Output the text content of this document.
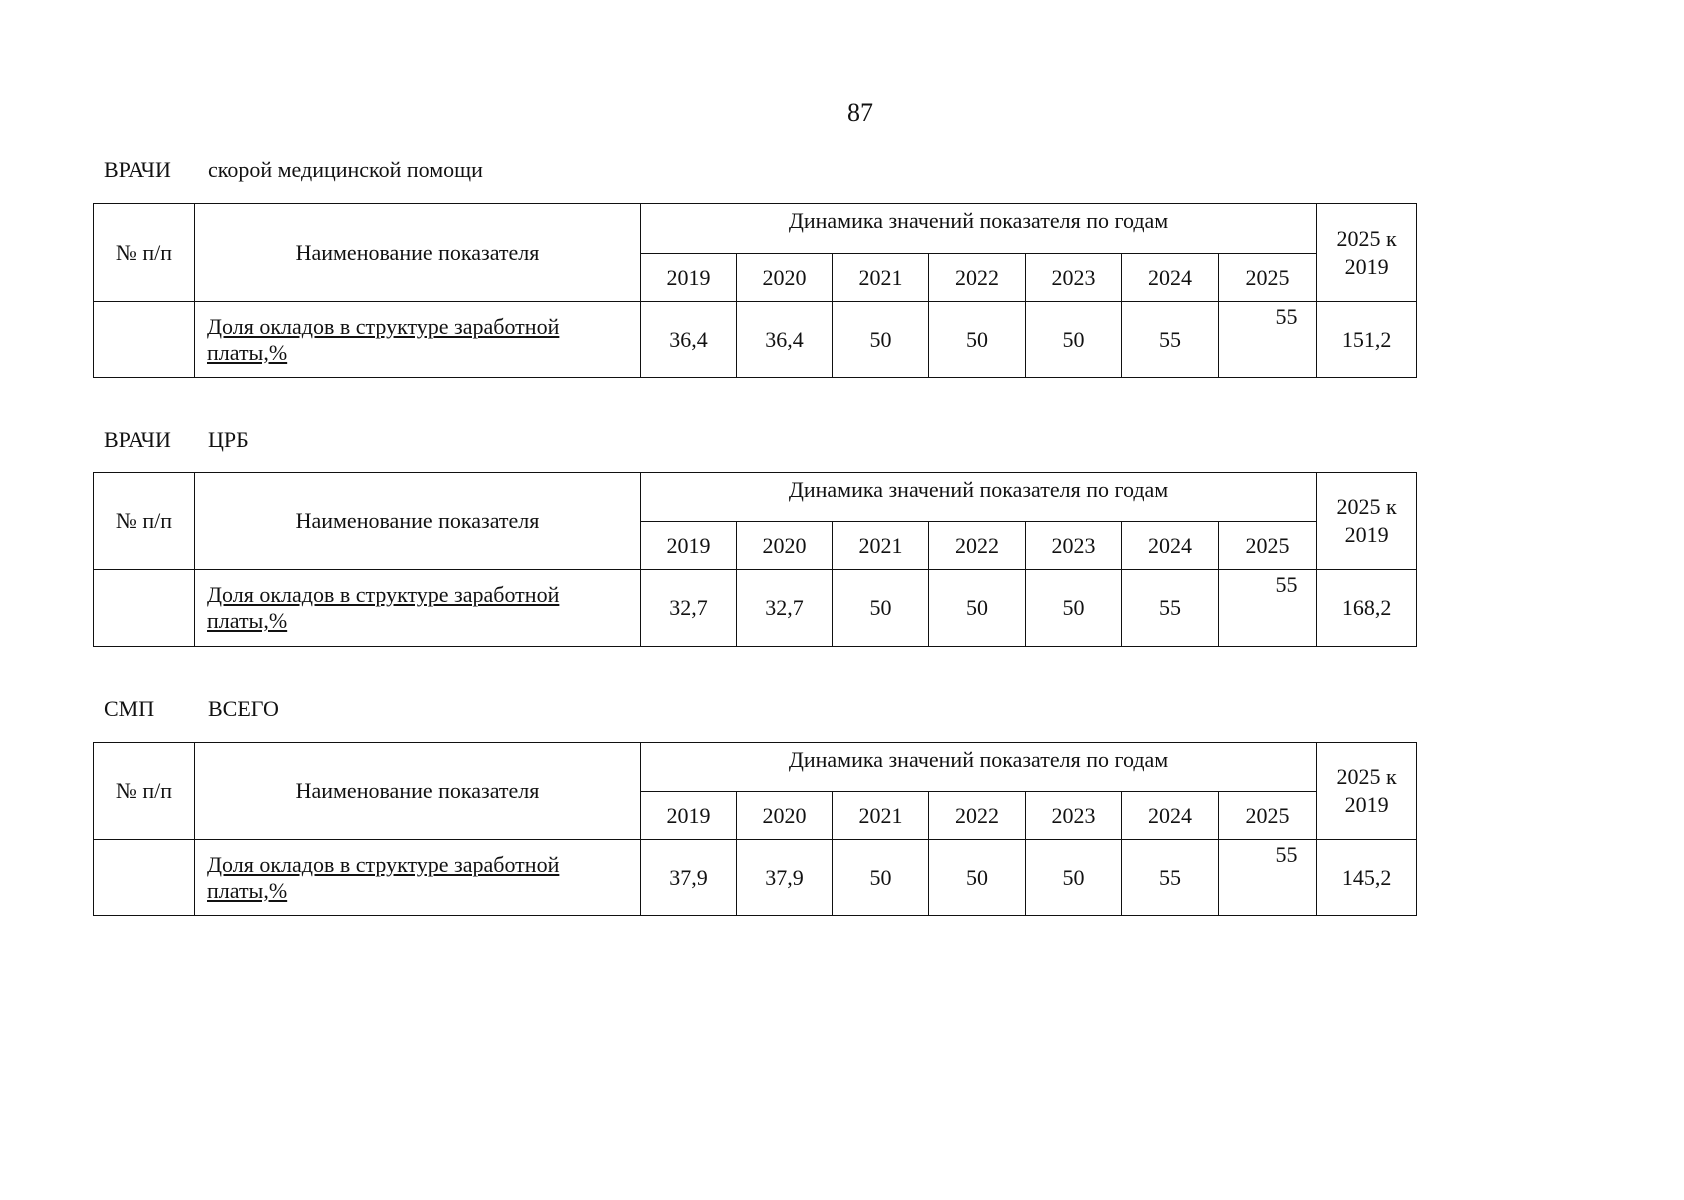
87
ВРАЧИ скорой медицинской помощи
№ п/п	Наименование показателя	Динамика значений показателя по годам							2025 к
2019
		2019	2020	2021	2022	2023	2024	2025	
	Доля окладов в структуре заработной
платы,%	36,4	36,4	50	50	50	55	55	151,2
ВРАЧИ ЦРБ
№ п/п	Наименование показателя	Динамика значений показателя по годам							2025 к
2019
		2019	2020	2021	2022	2023	2024	2025	
	Доля окладов в структуре заработной
платы,%	32,7	32,7	50	50	50	55	55	168,2
СМП ВСЕГО
№ п/п	Наименование показателя	Динамика значений показателя по годам							2025 к
2019
		2019	2020	2021	2022	2023	2024	2025	
	Доля окладов в структуре заработной
платы,%	37,9	37,9	50	50	50	55	55	145,2
